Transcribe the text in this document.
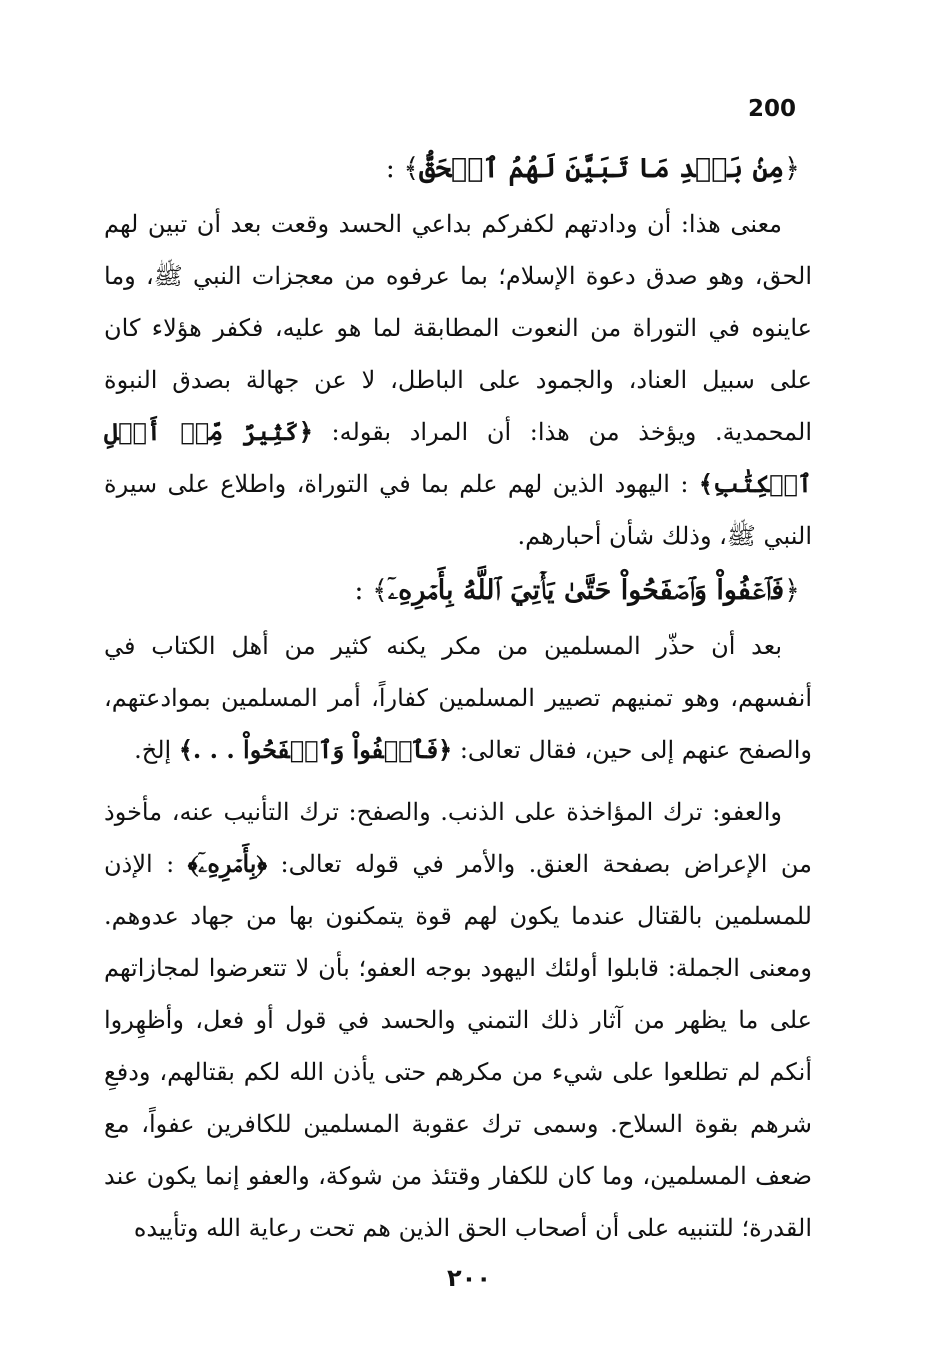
200
﴿مِنۢ بَعۡدِ مَا تَبَيَّنَ لَهُمُ ٱلۡحَقُّ﴾ :

معنى هذا: أن ودادتهم لكفركم بداعي الحسد وقعت بعد أن تبين لهم الحق، وهو صدق دعوة الإسلام؛ بما عرفوه من معجزات النبي ﷺ، وما عاينوه في التوراة من النعوت المطابقة لما هو عليه، فكفر هؤلاء كان على سبيل العناد، والجمود على الباطل، لا عن جهالة بصدق النبوة المحمدية. ويؤخذ من هذا: أن المراد بقوله: ﴿كَثِيرٌ مِّنۡ أَهۡلِ ٱلۡكِتَٰبِ﴾ : اليهود الذين لهم علم بما في التوراة، واطلاع على سيرة النبي ﷺ، وذلك شأن أحبارهم.

﴿فَٱعۡفُواْ وَٱصۡفَحُواْ حَتَّىٰ يَأۡتِيَ ٱللَّهُ بِأَمۡرِهِۦٓ﴾ :

بعد أن حذّر المسلمين من مكر يكنه كثير من أهل الكتاب في أنفسهم، وهو تمنيهم تصيير المسلمين كفاراً، أمر المسلمين بموادعتهم، والصفح عنهم إلى حين، فقال تعالى: ﴿فَٱعۡفُواْ وَٱصۡفَحُواْ . . .﴾ إلخ.

والعفو: ترك المؤاخذة على الذنب. والصفح: ترك التأنيب عنه، مأخوذ من الإعراض بصفحة العنق. والأمر في قوله تعالى: ﴿بِأَمۡرِهِۦٓ﴾ : الإذن للمسلمين بالقتال عندما يكون لهم قوة يتمكنون بها من جهاد عدوهم. ومعنى الجملة: قابلوا أولئك اليهود بوجه العفو؛ بأن لا تتعرضوا لمجازاتهم على ما يظهر من آثار ذلك التمني والحسد في قول أو فعل، وأظهِروا أنكم لم تطلعوا على شيء من مكرهم حتى يأذن الله لكم بقتالهم، ودفعِ شرهم بقوة السلاح. وسمى ترك عقوبة المسلمين للكافرين عفواً، مع ضعف المسلمين، وما كان للكفار وقتئذ من شوكة، والعفو إنما يكون عند القدرة؛ للتنبيه على أن أصحاب الحق الذين هم تحت رعاية الله وتأييده

٢٠٠
